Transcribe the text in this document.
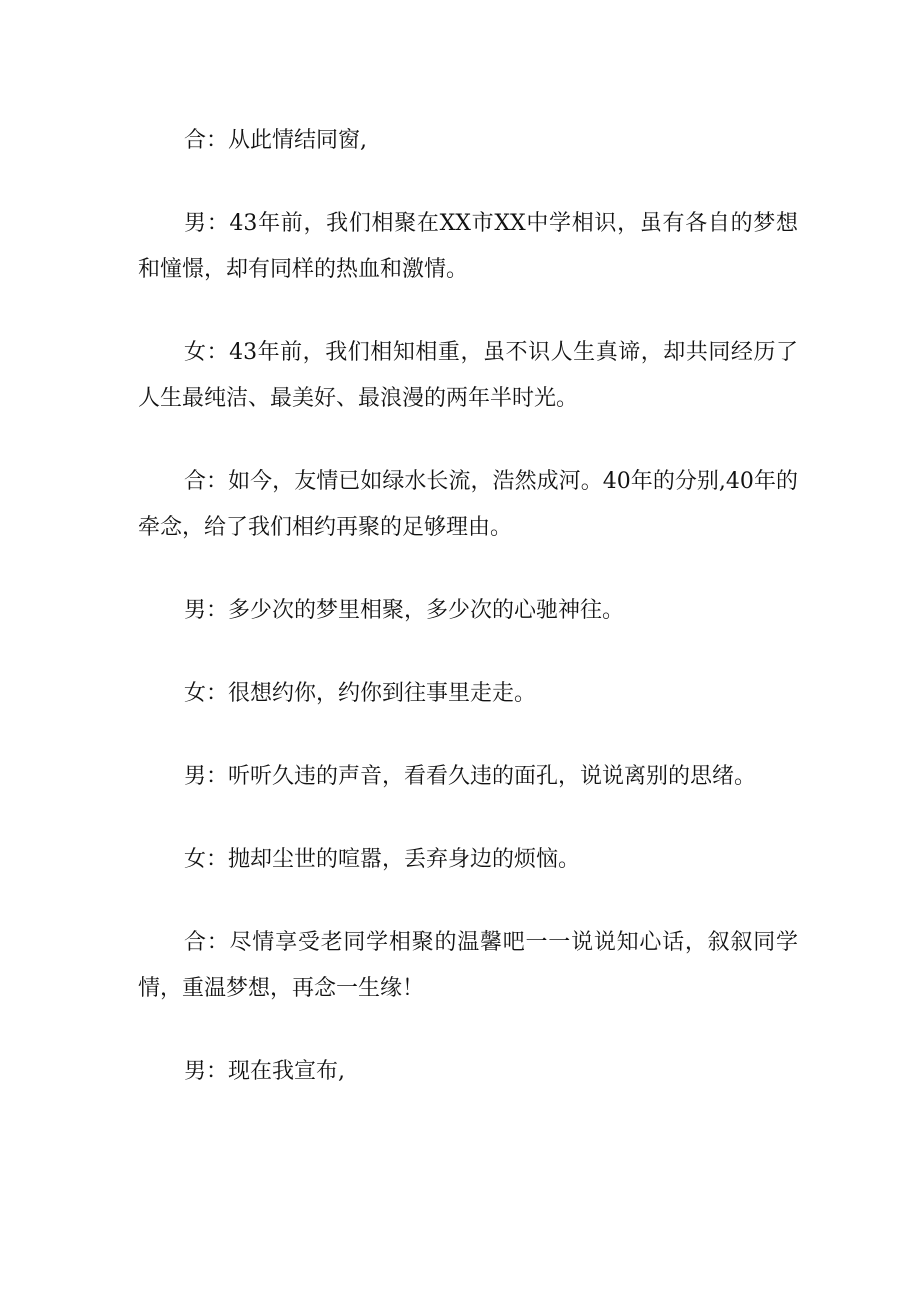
合：从此情结同窗,

男：43年前，我们相聚在XX市XX中学相识，虽有各自的梦想和憧憬，却有同样的热血和激情。

女：43年前，我们相知相重，虽不识人生真谛，却共同经历了人生最纯洁、最美好、最浪漫的两年半时光。

合：如今，友情已如绿水长流，浩然成河。40年的分别,40年的牵念，给了我们相约再聚的足够理由。

男：多少次的梦里相聚，多少次的心驰神往。

女：很想约你，约你到往事里走走。

男：听听久违的声音，看看久违的面孔，说说离别的思绪。

女：抛却尘世的喧嚣，丢弃身边的烦恼。

合：尽情享受老同学相聚的温馨吧一一说说知心话，叙叙同学情，重温梦想，再念一生缘！

男：现在我宣布,
